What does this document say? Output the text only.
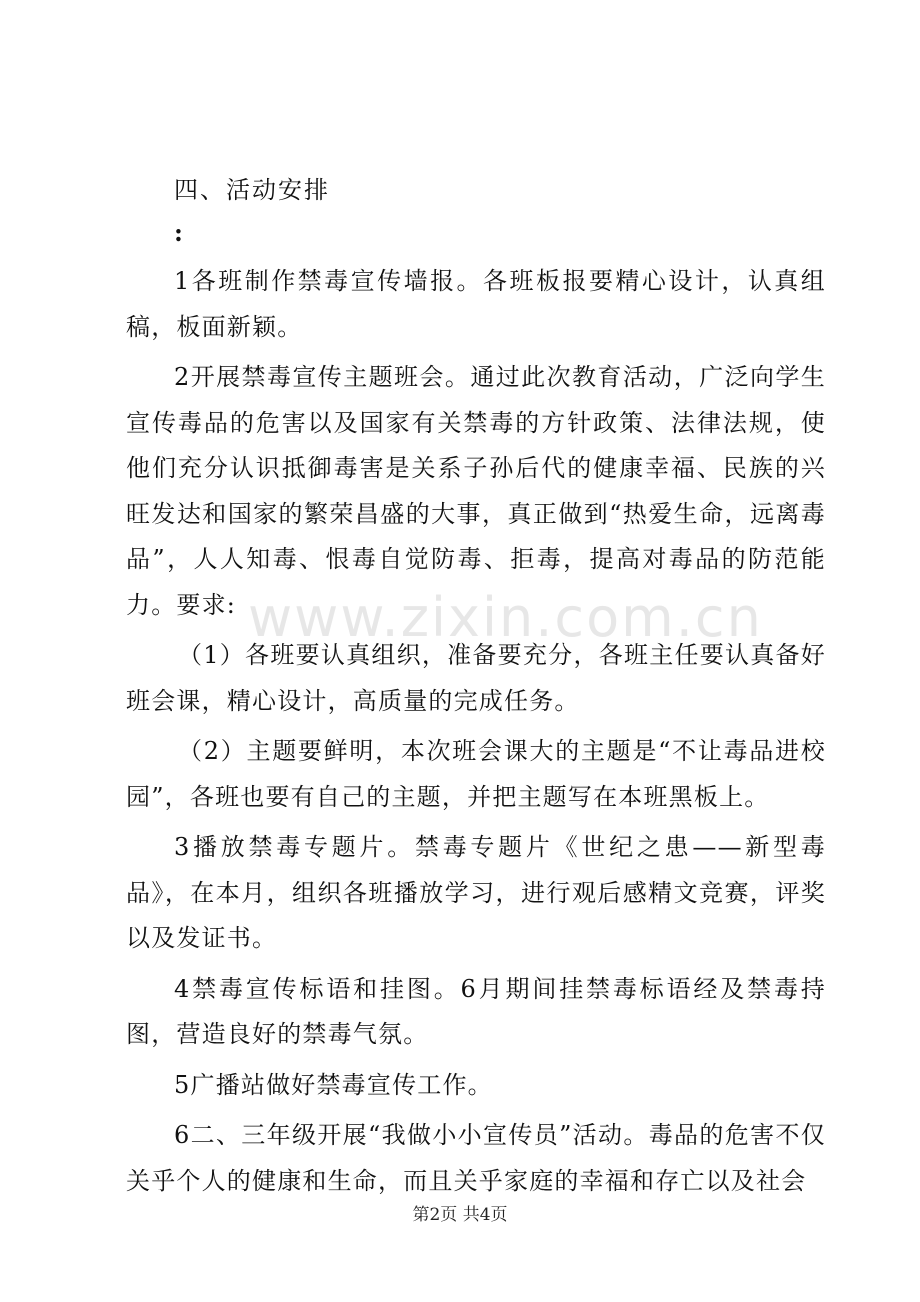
四、活动安排

:

1各班制作禁毒宣传墙报。各班板报要精心设计，认真组稿，板面新颖。

2开展禁毒宣传主题班会。通过此次教育活动，广泛向学生宣传毒品的危害以及国家有关禁毒的方针政策、法律法规，使他们充分认识抵御毒害是关系子孙后代的健康幸福、民族的兴旺发达和国家的繁荣昌盛的大事，真正做到“热爱生命，远离毒品”，人人知毒、恨毒自觉防毒、拒毒，提高对毒品的防范能力。要求:

（1）各班要认真组织，准备要充分，各班主任要认真备好班会课，精心设计，高质量的完成任务。

（2）主题要鲜明，本次班会课大的主题是“不让毒品进校园”，各班也要有自己的主题，并把主题写在本班黑板上。

3播放禁毒专题片。禁毒专题片《世纪之患——新型毒品》，在本月，组织各班播放学习，进行观后感精文竞赛，评奖以及发证书。

4禁毒宣传标语和挂图。6月期间挂禁毒标语经及禁毒持图，营造良好的禁毒气氛。

5广播站做好禁毒宣传工作。

6二、三年级开展“我做小小宣传员”活动。毒品的危害不仅关乎个人的健康和生命，而且关乎家庭的幸福和存亡以及社会

www.zixin.com.cn
第2页 共4页
